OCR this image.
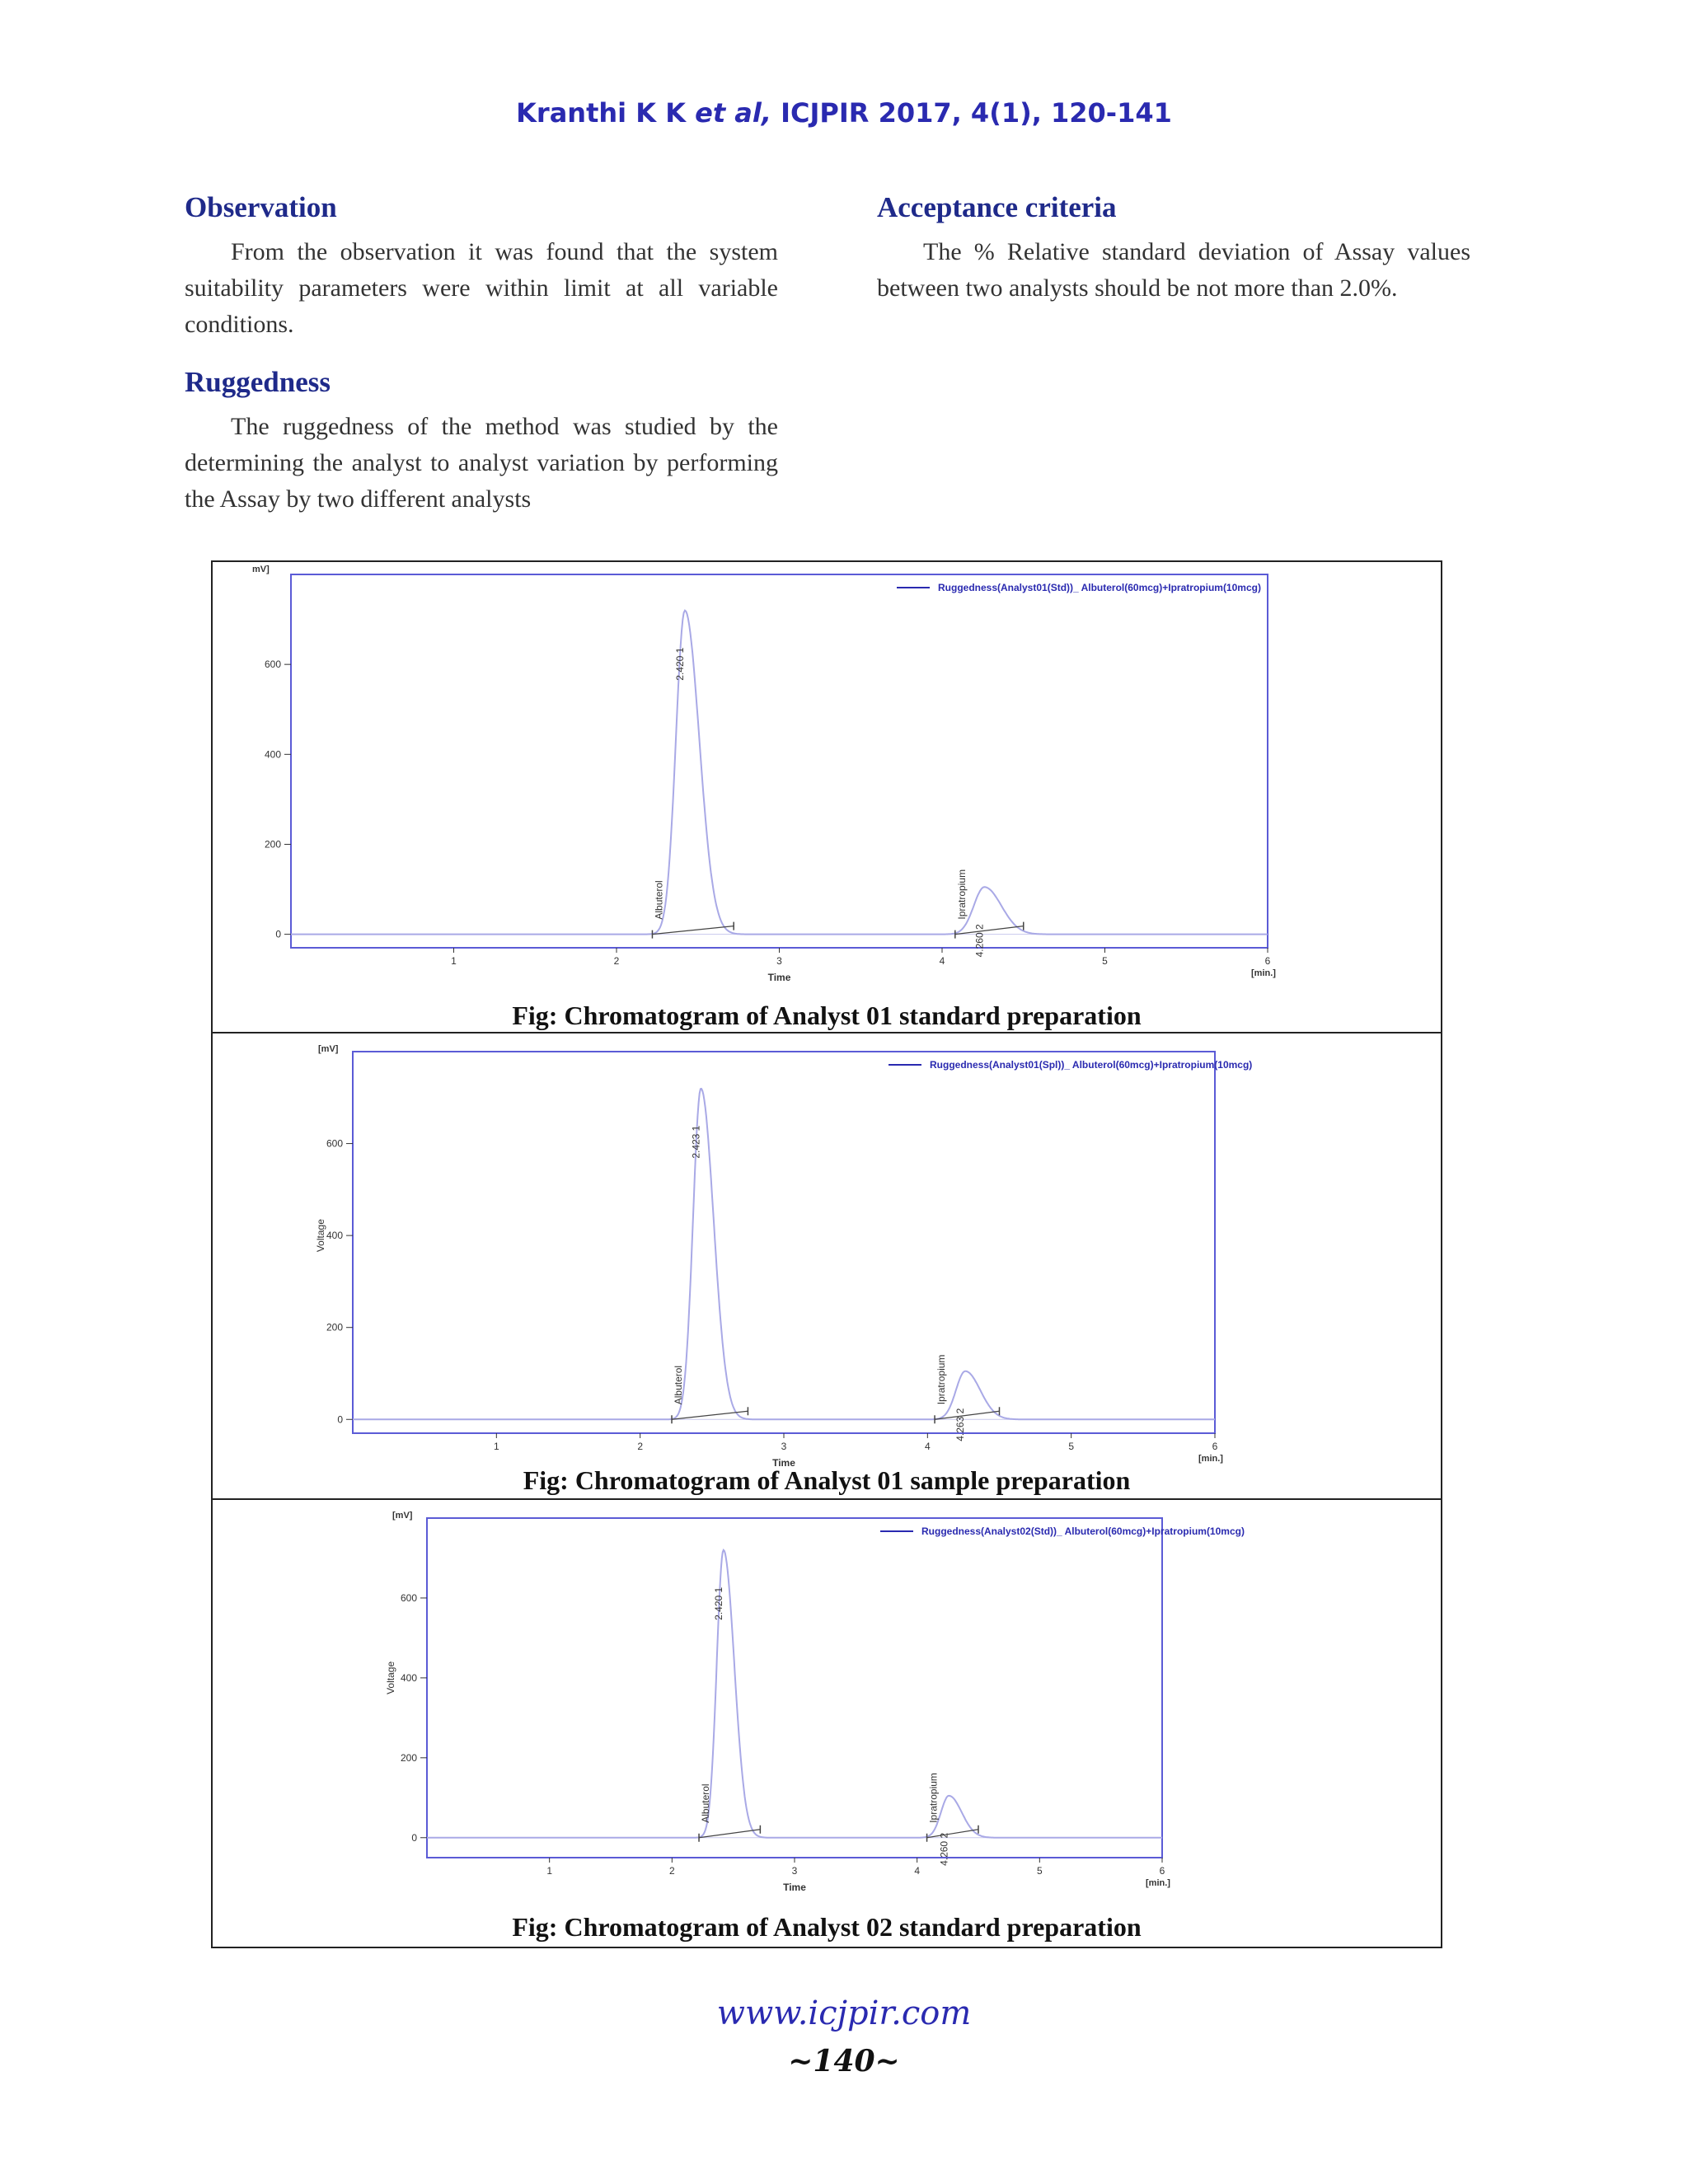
Kranthi K K et al, ICJPIR 2017, 4(1), 120-141
Observation

From the observation it was found that the system suitability parameters were within limit at all variable conditions.

Ruggedness

The ruggedness of the method was studied by the determining the analyst to analyst variation by performing the Assay by two different analysts

Acceptance criteria

The % Relative standard deviation of Assay values between two analysts should be not more than 2.0%.

mV]
[min.]
Time
1	2	3	4	5	6
0
200
400
600	2.420 1
Albuterol
4.260 2
Ipratropium
Ruggedness(Analyst01(Std))_ Albuterol(60mcg)+Ipratropium(10mcg)
Fig: Chromatogram of Analyst 01 standard preparation
[mV]
[min.]
Time
Voltage
1	2	3	4	5	6
0
200
400
600	2.423 1
Albuterol
4.263 2
Ipratropium
Ruggedness(Analyst01(Spl))_ Albuterol(60mcg)+Ipratropium(10mcg)
Fig: Chromatogram of Analyst 01 sample preparation
[mV]
[min.]
Time
Voltage
1	2	3	4	5	6
0
200
400
600	2.420 1
Albuterol
4.260 2
Ipratropium
Ruggedness(Analyst02(Std))_ Albuterol(60mcg)+Ipratropium(10mcg)
Fig: Chromatogram of Analyst 02 standard preparation
www.icjpir.com
~140~
